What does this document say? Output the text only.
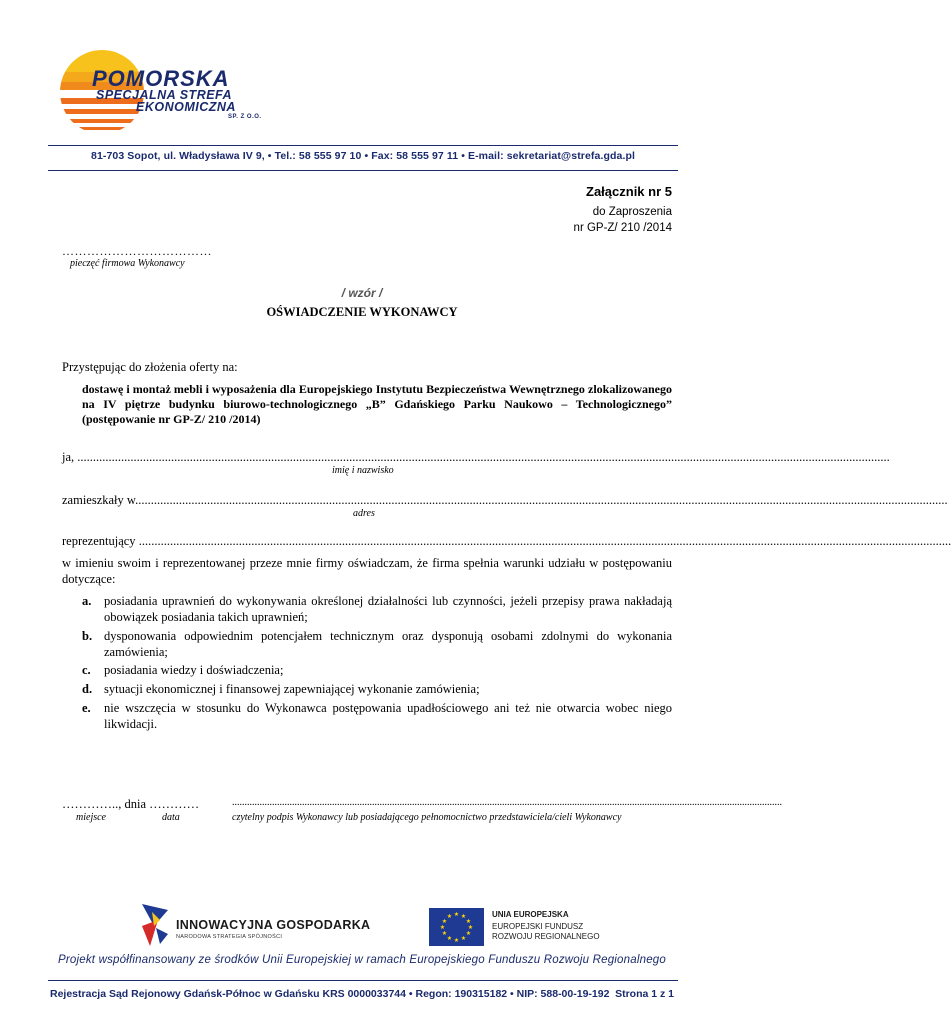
POMORSKA
SPECJALNA STREFA
EKONOMICZNA
SP. Z O.O.
81-703 Sopot, ul. Władysława IV 9, • Tel.: 58 555 97 10 • Fax: 58 555 97 11 • E-mail: sekretariat@strefa.gda.pl
Załącznik nr 5
do Zaproszenia
nr GP-Z/ 210 /2014
………………………………
pieczęć firmowa Wykonawcy
/ wzór /
OŚWIADCZENIE WYKONAWCY
Przystępując do złożenia oferty na:
dostawę i montaż mebli i wyposażenia dla Europejskiego Instytutu Bezpieczeństwa Wewnętrznego zlokalizowanego na IV piętrze budynku biurowo-technologicznego „B” Gdańskiego Parku Naukowo – Technologicznego” (postępowanie nr GP-Z/ 210 /2014)
ja, ....................................................................................................................................................................................................................................................................
imię i nazwisko
zamieszkały w....................................................................................................................................................................................................................................................................
adres
reprezentujący ....................................................................................................................................................................................................................................................................
w imieniu swoim i reprezentowanej przeze mnie firmy oświadczam, że firma spełnia warunki udziału w postępowaniu dotyczące:
a. posiadania uprawnień do wykonywania określonej działalności lub czynności, jeżeli przepisy prawa nakładają obowiązek posiadania takich uprawnień;
b. dysponowania odpowiednim potencjałem technicznym oraz dysponują osobami zdolnymi do wykonania zamówienia;
c. posiadania wiedzy i doświadczenia;
d. sytuacji ekonomicznej i finansowej zapewniającej wykonanie zamówienia;
e. nie wszczęcia w stosunku do Wykonawca postępowania upadłościowego ani też nie otwarcia wobec niego likwidacji.
………….., dnia …………
miejsce	data
............................................................................................................................................................................................................................
czytelny podpis Wykonawcy lub posiadającego pełnomocnictwo przedstawiciela/cieli Wykonawcy
INNOWACYJNA GOSPODARKA
NARODOWA STRATEGIA SPÓJNOŚCI
★ ★
★
★
★
★
★
★
★
★
★
★	UNIA EUROPEJSKA
EUROPEJSKI FUNDUSZ
ROZWOJU REGIONALNEGO
Projekt współfinansowany ze środków Unii Europejskiej w ramach Europejskiego Funduszu Rozwoju Regionalnego
Rejestracja Sąd Rejonowy Gdańsk-Północ w Gdańsku KRS 0000033744 • Regon: 190315182 • NIP: 588-00-19-192 Strona 1 z 1
